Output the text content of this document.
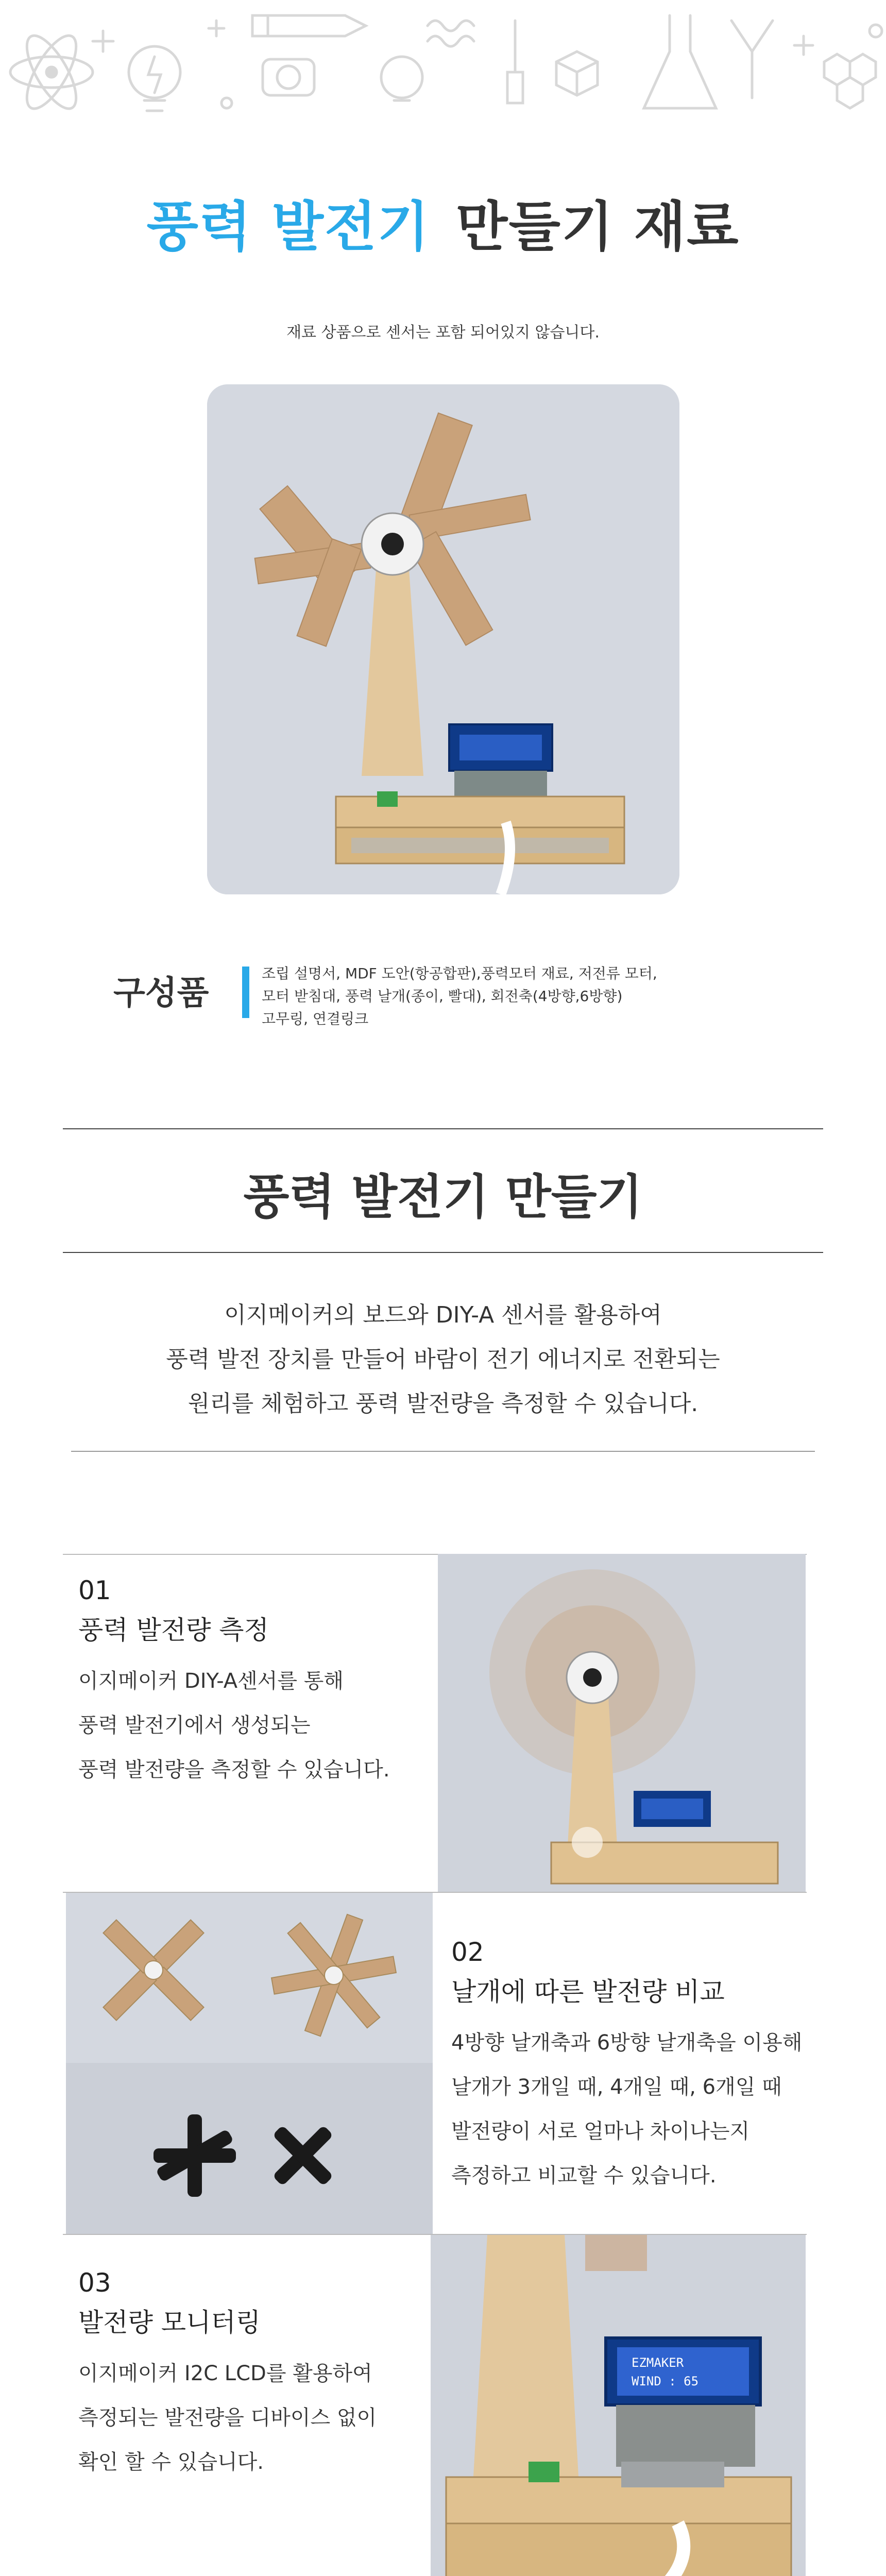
풍력 발전기 만들기 재료
재료 상품으로 센서는 포함 되어있지 않습니다.
구성품
조립 설명서, MDF 도안(항공합판),풍력모터 재료, 저전류 모터,
모터 받침대, 풍력 날개(종이, 빨대), 회전축(4방향,6방향)
고무링, 연결링크
풍력 발전기 만들기
이지메이커의 보드와 DIY-A 센서를 활용하여
풍력 발전 장치를 만들어 바람이 전기 에너지로 전환되는
원리를 체험하고 풍력 발전량을 측정할 수 있습니다.
01
풍력 발전량 측정
이지메이커 DIY-A센서를 통해
풍력 발전기에서 생성되는
풍력 발전량을 측정할 수 있습니다.
02
날개에 따른 발전량 비교
4방향 날개축과 6방향 날개축을 이용해
날개가 3개일 때, 4개일 때, 6개일 때
발전량이 서로 얼마나 차이나는지
측정하고 비교할 수 있습니다.
03
발전량 모니터링
이지메이커 I2C LCD를 활용하여
측정되는 발전량을 디바이스 없이
확인 할 수 있습니다.
EZMAKER
WIND : 65
